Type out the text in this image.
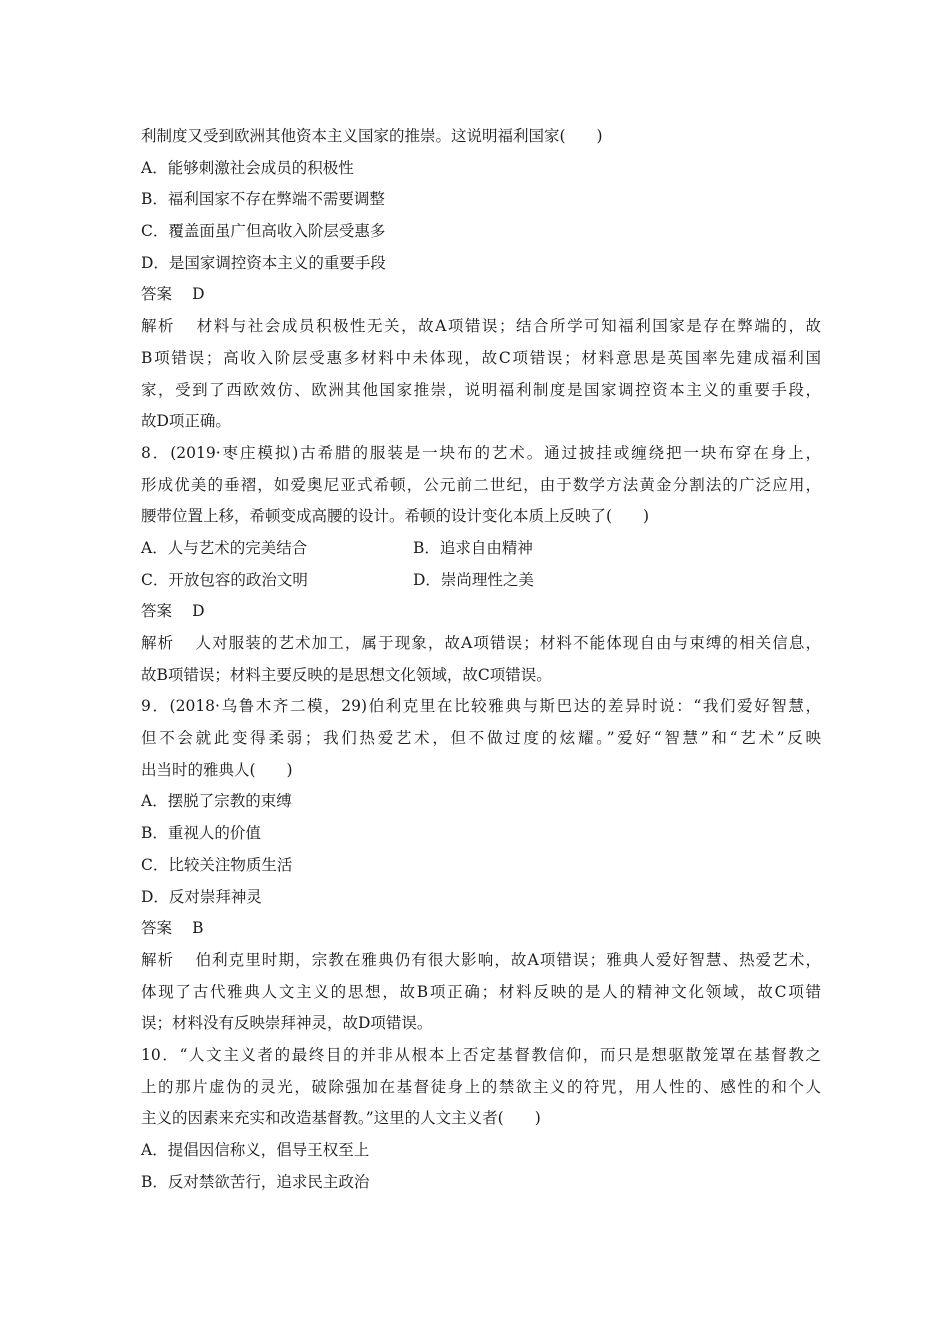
利制度又受到欧洲其他资本主义国家的推崇。这说明福利国家(　　)
A．能够刺激社会成员的积极性
B．福利国家不存在弊端不需要调整
C．覆盖面虽广但高收入阶层受惠多
D．是国家调控资本主义的重要手段
答案 D
解析 材料与社会成员积极性无关，故A项错误；结合所学可知福利国家是存在弊端的，故
B项错误；高收入阶层受惠多材料中未体现，故C项错误；材料意思是英国率先建成福利国
家，受到了西欧效仿、欧洲其他国家推崇，说明福利制度是国家调控资本主义的重要手段，
故D项正确。
8．(2019·枣庄模拟)古希腊的服装是一块布的艺术。通过披挂或缠绕把一块布穿在身上，
形成优美的垂褶，如爱奥尼亚式希顿，公元前二世纪，由于数学方法黄金分割法的广泛应用，
腰带位置上移，希顿变成高腰的设计。希顿的设计变化本质上反映了(　　)
A．人与艺术的完美结合	B．追求自由精神
C．开放包容的政治文明	D．崇尚理性之美
答案 D
解析 人对服装的艺术加工，属于现象，故A项错误；材料不能体现自由与束缚的相关信息，
故B项错误；材料主要反映的是思想文化领域，故C项错误。
9．(2018·乌鲁木齐二模，29)伯利克里在比较雅典与斯巴达的差异时说：“我们爱好智慧，
但不会就此变得柔弱；我们热爱艺术，但不做过度的炫耀。”爱好“智慧”和“艺术”反映
出当时的雅典人(　　)
A．摆脱了宗教的束缚
B．重视人的价值
C．比较关注物质生活
D．反对崇拜神灵
答案 B
解析 伯利克里时期，宗教在雅典仍有很大影响，故A项错误；雅典人爱好智慧、热爱艺术，
体现了古代雅典人文主义的思想，故B项正确；材料反映的是人的精神文化领域，故C项错
误；材料没有反映崇拜神灵，故D项错误。
10．“人文主义者的最终目的并非从根本上否定基督教信仰，而只是想驱散笼罩在基督教之
上的那片虚伪的灵光，破除强加在基督徒身上的禁欲主义的符咒，用人性的、感性的和个人
主义的因素来充实和改造基督教。”这里的人文主义者(　　)
A．提倡因信称义，倡导王权至上
B．反对禁欲苦行，追求民主政治
